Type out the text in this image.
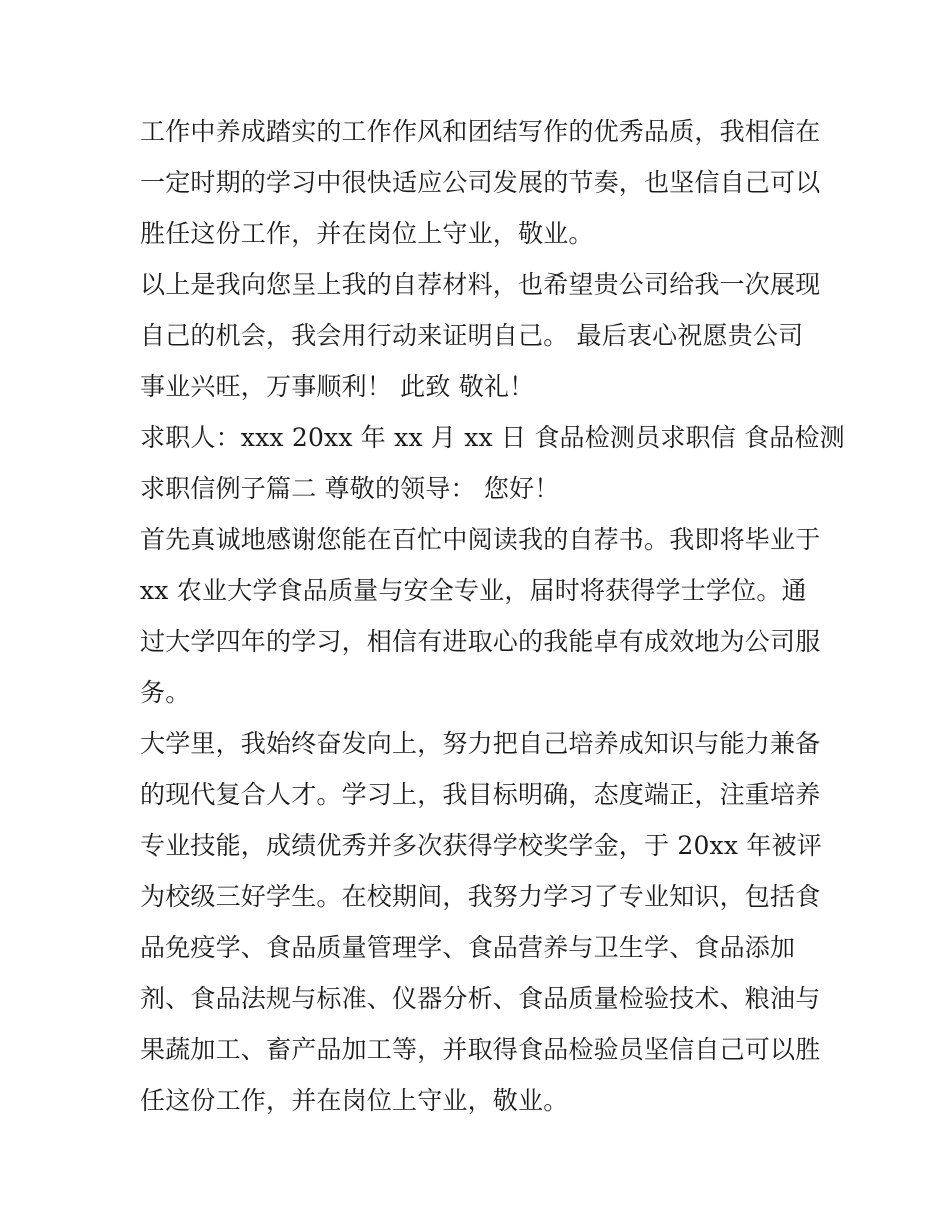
工作中养成踏实的工作作风和团结写作的优秀品质，我相信在
一定时期的学习中很快适应公司发展的节奏，也坚信自己可以
胜任这份工作，并在岗位上守业，敬业。
以上是我向您呈上我的自荐材料，也希望贵公司给我一次展现
自己的机会，我会用行动来证明自己。 最后衷心祝愿贵公司
事业兴旺，万事顺利！ 此致 敬礼！
求职人：xxx 20xx 年 xx 月 xx 日 食品检测员求职信 食品检测
求职信例子篇二 尊敬的领导： 您好！
首先真诚地感谢您能在百忙中阅读我的自荐书。我即将毕业于
xx 农业大学食品质量与安全专业，届时将获得学士学位。通
过大学四年的学习，相信有进取心的我能卓有成效地为公司服
务。
大学里，我始终奋发向上，努力把自己培养成知识与能力兼备
的现代复合人才。学习上，我目标明确，态度端正，注重培养
专业技能，成绩优秀并多次获得学校奖学金，于 20xx 年被评
为校级三好学生。在校期间，我努力学习了专业知识，包括食
品免疫学、食品质量管理学、食品营养与卫生学、食品添加
剂、食品法规与标准、仪器分析、食品质量检验技术、粮油与
果蔬加工、畜产品加工等，并取得食品检验员坚信自己可以胜
任这份工作，并在岗位上守业，敬业。
